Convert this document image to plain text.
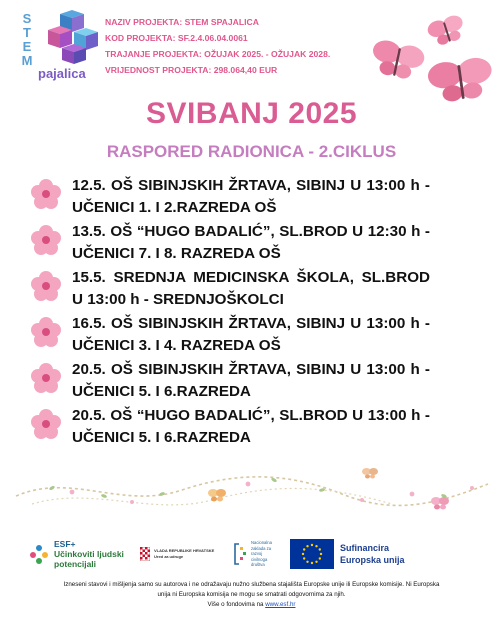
S
T
E
M
pajalica
NAZIV PROJEKTA: STEM SPAJALICA
KOD PROJEKTA: SF.2.4.06.04.0061
TRAJANJE PROJEKTA: OŽUJAK 2025. - OŽUJAK 2028.
VRIJEDNOST PROJEKTA: 298.064,40 EUR
SVIBANJ 2025
RASPORED RADIONICA - 2.CIKLUS
12.5. OŠ SIBINJSKIH ŽRTAVA, SIBINJ U 13:00 h - UČENICI 1. I 2.RAZREDA OŠ
13.5. OŠ “HUGO BADALIĆ”, SL.BROD U 12:30 h - UČENICI 7. I 8. RAZREDA OŠ
15.5. SREDNJA MEDICINSKA ŠKOLA, SL.BROD U 13:00 h - SREDNJOŠKOLCI
16.5. OŠ SIBINJSKIH ŽRTAVA, SIBINJ U 13:00 h - UČENICI 3. I 4. RAZREDA OŠ
20.5. OŠ SIBINJSKIH ŽRTAVA, SIBINJ U 13:00 h - UČENICI 5. I 6.RAZREDA
20.5. OŠ “HUGO BADALIĆ”, SL.BROD U 13:00 h - UČENICI 5. I 6.RAZREDA
ESF+
Učinkoviti ljudski
potencijali
VLADA REPUBLIKE HRVATSKE
Ured za udruge
Nacionalna
zaklada za
razvoj
civilnoga
društva
Sufinancira
Europska unija
Izneseni stavovi i mišljenja samo su autorova i ne odražavaju nužno službena stajališta Europske unije ili Europske komisije. Ni Europska
unija ni Europska komisija ne mogu se smatrati odgovornima za njih.
Više o fondovima na www.esf.hr
